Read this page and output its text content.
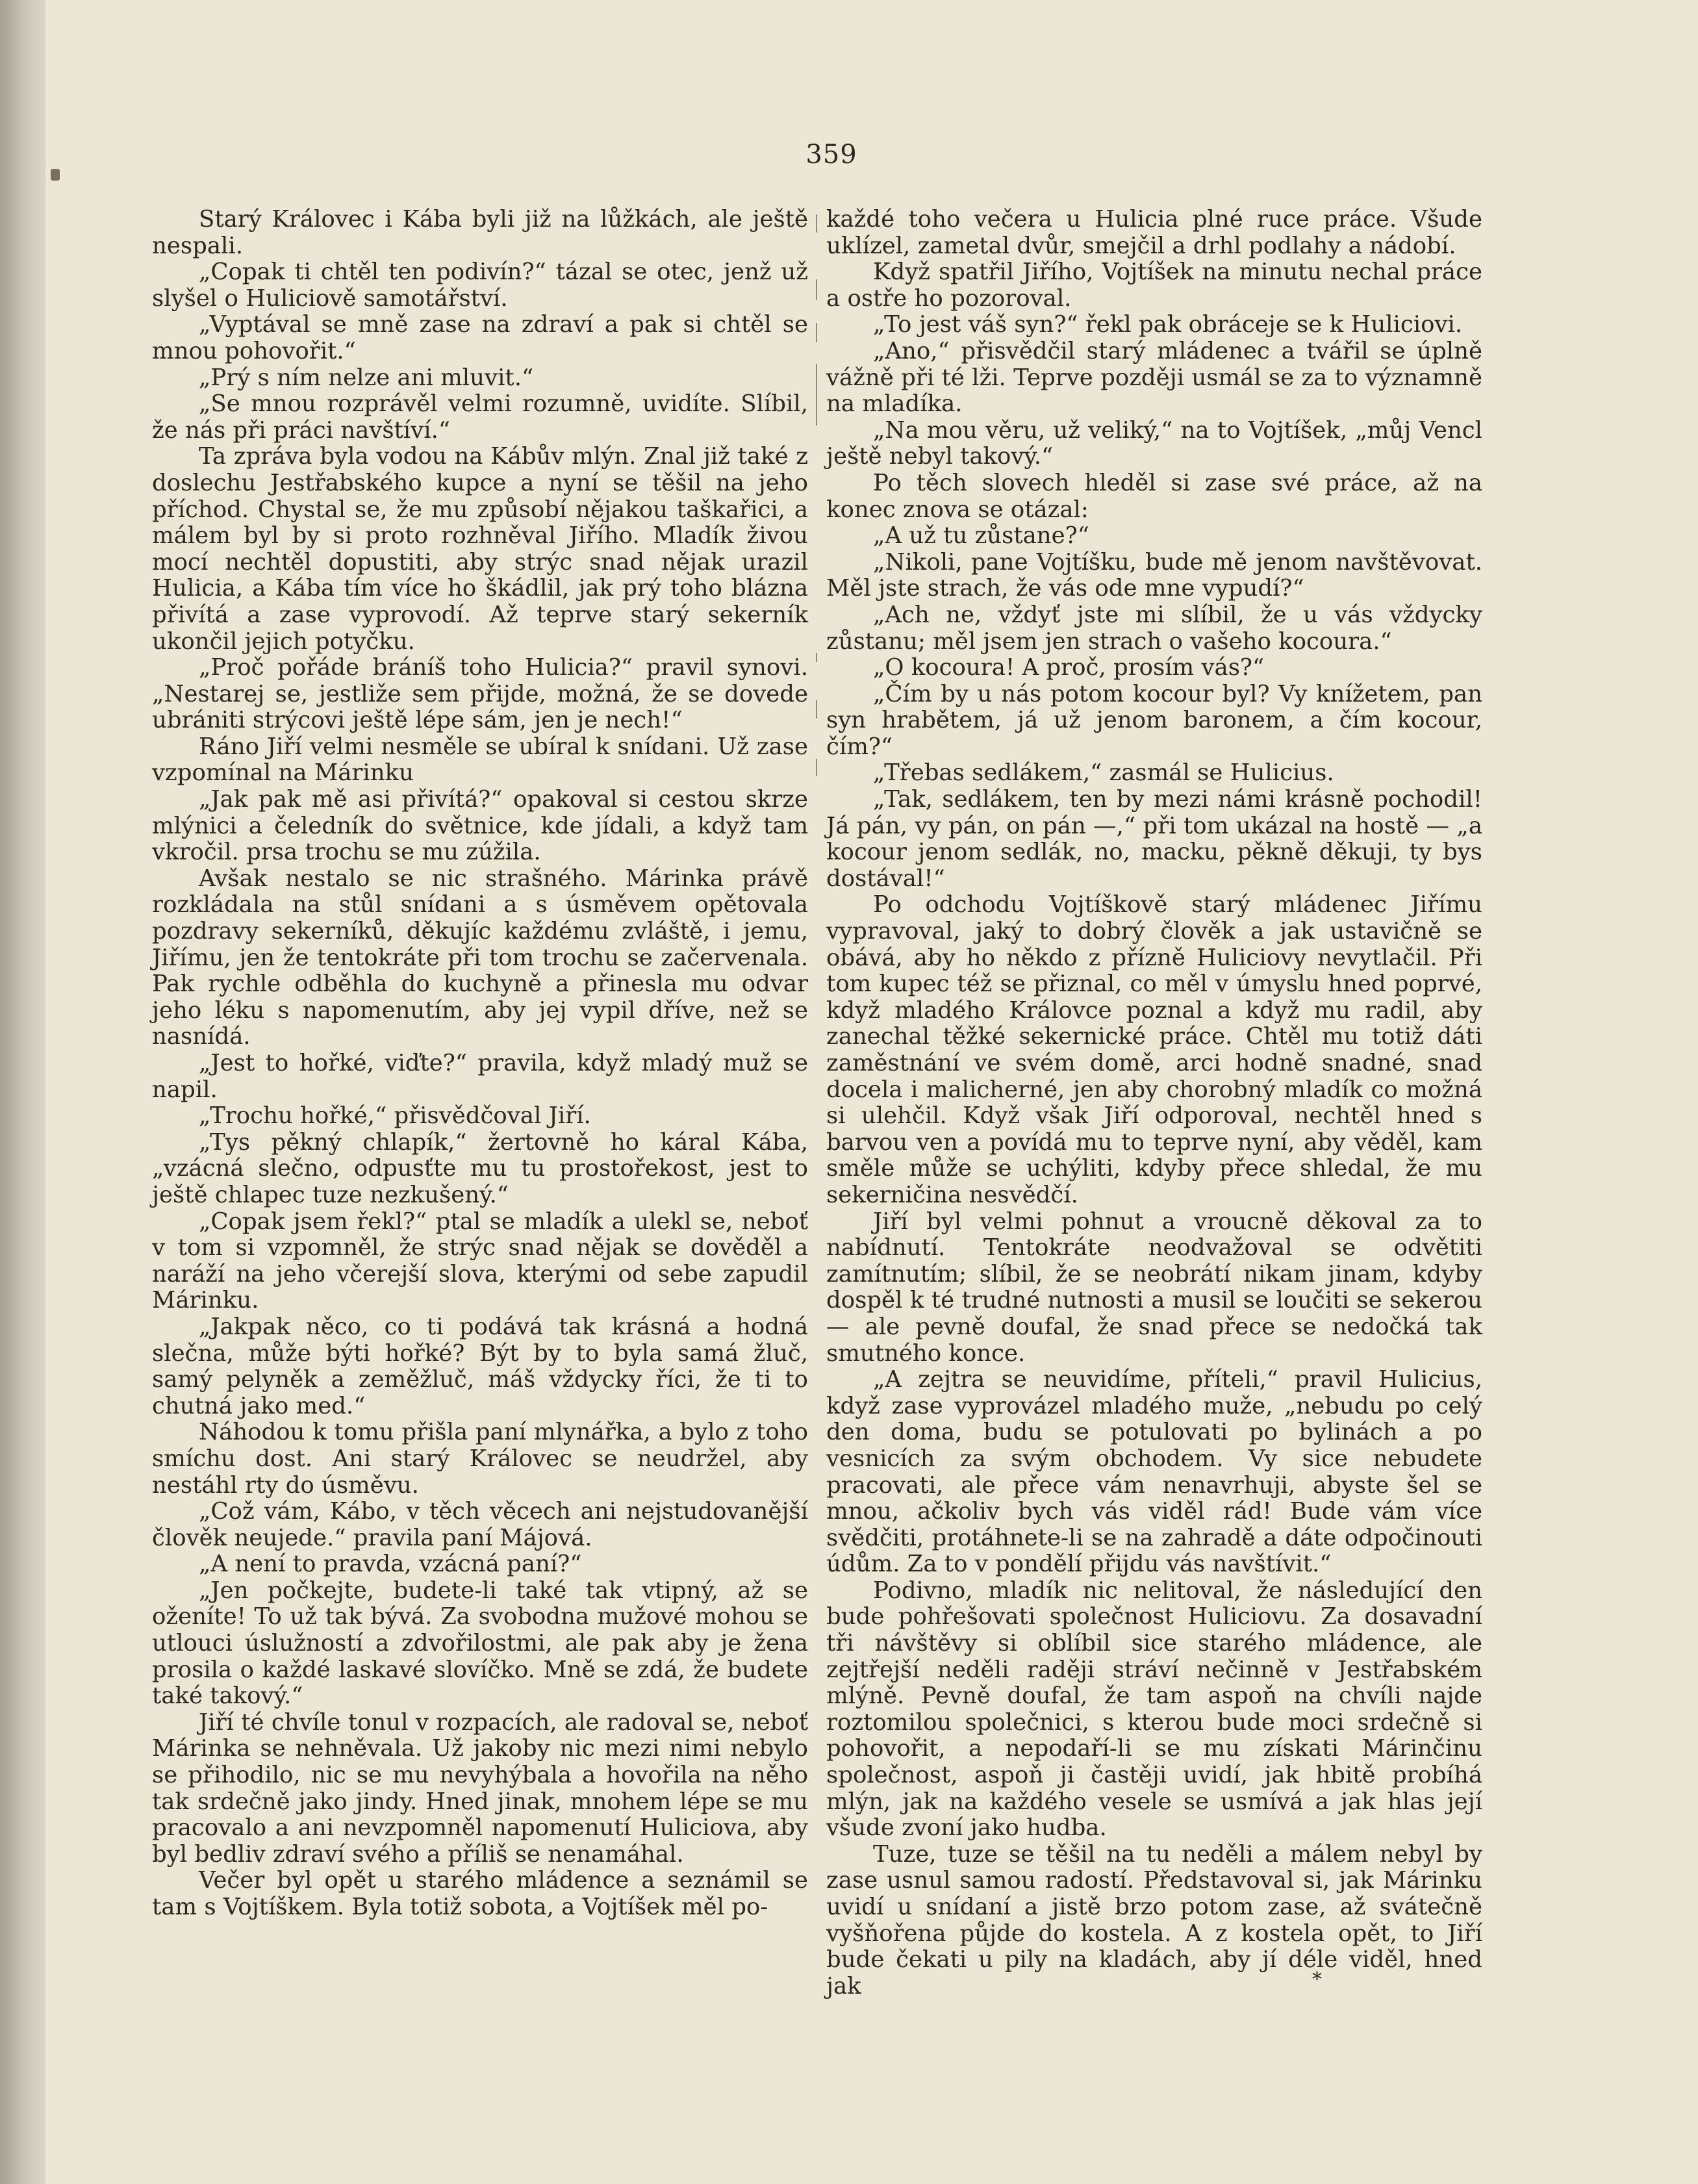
359

Starý Královec i Kába byli již na lůžkách, ale ještě nespali.

„Copak ti chtěl ten podivín?“ tázal se otec, jenž už slyšel o Huliciově samotářství.

„Vyptával se mně zase na zdraví a pak si chtěl se mnou pohovořit.“

„Prý s ním nelze ani mluvit.“

„Se mnou rozprávěl velmi rozumně, uvidíte. Slíbil, že nás při práci navštíví.“

Ta zpráva byla vodou na Kábův mlýn. Znal již také z doslechu Jestřabského kupce a nyní se těšil na jeho příchod. Chystal se, že mu způsobí nějakou taškařici, a málem byl by si proto rozhněval Jiřího. Mladík živou mocí nechtěl dopustiti, aby strýc snad nějak urazil Hulicia, a Kába tím více ho škádlil, jak prý toho blázna přivítá a zase vyprovodí. Až teprve starý sekerník ukončil jejich potyčku.

„Proč pořáde bráníš toho Hulicia?“ pravil synovi. „Nestarej se, jestliže sem přijde, možná, že se dovede ubrániti strýcovi ještě lépe sám, jen je nech!“

Ráno Jiří velmi nesměle se ubíral k snídani. Už zase vzpomínal na Márinku

„Jak pak mě asi přivítá?“ opakoval si cestou skrze mlýnici a čeledník do světnice, kde jídali, a když tam vkročil. prsa trochu se mu zúžila.

Avšak nestalo se nic strašného. Márinka právě rozkládala na stůl snídani a s úsměvem opětovala pozdravy sekerníků, děkujíc každému zvláště, i jemu, Jiřímu, jen že tentokráte při tom trochu se začervenala. Pak rychle odběhla do kuchyně a přinesla mu odvar jeho léku s napomenutím, aby jej vypil dříve, než se nasnídá.

„Jest to hořké, viďte?“ pravila, když mladý muž se napil.

„Trochu hořké,“ přisvědčoval Jiří.

„Tys pěkný chlapík,“ žertovně ho káral Kába, „vzácná slečno, odpusťte mu tu prostořekost, jest to ještě chlapec tuze nezkušený.“

„Copak jsem řekl?“ ptal se mladík a ulekl se, neboť v tom si vzpomněl, že strýc snad nějak se dověděl a naráží na jeho včerejší slova, kterými od sebe zapudil Márinku.

„Jakpak něco, co ti podává tak krásná a hodná slečna, může býti hořké? Být by to byla samá žluč, samý pelyněk a zeměžluč, máš vždycky říci, že ti to chutná jako med.“

Náhodou k tomu přišla paní mlynářka, a bylo z toho smíchu dost. Ani starý Královec se neudržel, aby nestáhl rty do úsměvu.

„Což vám, Kábo, v těch věcech ani nejstudovanější člověk neujede.“ pravila paní Májová.

„A není to pravda, vzácná paní?“

„Jen počkejte, budete-li také tak vtipný, až se oženíte! To už tak bývá. Za svobodna mužové mohou se utlouci úslužností a zdvořilostmi, ale pak aby je žena prosila o každé laskavé slovíčko. Mně se zdá, že budete také takový.“

Jiří té chvíle tonul v rozpacích, ale radoval se, neboť Márinka se nehněvala. Už jakoby nic mezi nimi nebylo se přihodilo, nic se mu nevyhýbala a hovořila na něho tak srdečně jako jindy. Hned jinak, mnohem lépe se mu pracovalo a ani nevzpomněl napomenutí Huliciova, aby byl bedliv zdraví svého a příliš se nenamáhal.

Večer byl opět u starého mládence a seznámil se tam s Vojtíškem. Byla totiž sobota, a Vojtíšek měl po-

každé toho večera u Hulicia plné ruce práce. Všude uklízel, zametal dvůr, smejčil a drhl podlahy a nádobí.

Když spatřil Jiřího, Vojtíšek na minutu nechal práce a ostře ho pozoroval.

„To jest váš syn?“ řekl pak obráceje se k Huliciovi.

„Ano,“ přisvědčil starý mládenec a tvářil se úplně vážně při té lži. Teprve později usmál se za to významně na mladíka.

„Na mou věru, už veliký,“ na to Vojtíšek, „můj Vencl ještě nebyl takový.“

Po těch slovech hleděl si zase své práce, až na konec znova se otázal:

„A už tu zůstane?“

„Nikoli, pane Vojtíšku, bude mě jenom navštěvovat. Měl jste strach, že vás ode mne vypudí?“

„Ach ne, vždyť jste mi slíbil, že u vás vždycky zůstanu; měl jsem jen strach o vašeho kocoura.“

„O kocoura! A proč, prosím vás?“

„Čím by u nás potom kocour byl? Vy knížetem, pan syn hrabětem, já už jenom baronem, a čím kocour, čím?“

„Třebas sedlákem,“ zasmál se Hulicius.

„Tak, sedlákem, ten by mezi námi krásně pochodil! Já pán, vy pán, on pán —,“ při tom ukázal na hostě — „a kocour jenom sedlák, no, macku, pěkně děkuji, ty bys dostával!“

Po odchodu Vojtíškově starý mládenec Jiřímu vypravoval, jaký to dobrý člověk a jak ustavičně se obává, aby ho někdo z přízně Huliciovy nevytlačil. Při tom kupec též se přiznal, co měl v úmyslu hned poprvé, když mladého Královce poznal a když mu radil, aby zanechal těžké sekernické práce. Chtěl mu totiž dáti zaměstnání ve svém domě, arci hodně snadné, snad docela i malicherné, jen aby chorobný mladík co možná si ulehčil. Když však Jiří odporoval, nechtěl hned s barvou ven a povídá mu to teprve nyní, aby věděl, kam směle může se uchýliti, kdyby přece shledal, že mu sekerničina nesvědčí.

Jiří byl velmi pohnut a vroucně děkoval za to nabídnutí. Tentokráte neodvažoval se odvětiti zamítnutím; slíbil, že se neobrátí nikam jinam, kdyby dospěl k té trudné nutnosti a musil se loučiti se sekerou — ale pevně doufal, že snad přece se nedočká tak smutného konce.

„A zejtra se neuvidíme, příteli,“ pravil Hulicius, když zase vyprovázel mladého muže, „nebudu po celý den doma, budu se potulovati po bylinách a po vesnicích za svým obchodem. Vy sice nebudete pracovati, ale přece vám nenavrhuji, abyste šel se mnou, ačkoliv bych vás viděl rád! Bude vám více svědčiti, protáhnete-li se na zahradě a dáte odpočinouti údům. Za to v pondělí přijdu vás navštívit.“

Podivno, mladík nic nelitoval, že následující den bude pohřešovati společnost Huliciovu. Za dosavadní tři návštěvy si oblíbil sice starého mládence, ale zejtřejší neděli raději stráví nečinně v Jestřabském mlýně. Pevně doufal, že tam aspoň na chvíli najde roztomilou společnici, s kterou bude moci srdečně si pohovořit, a nepodaří-li se mu získati Márinčinu společnost, aspoň ji častěji uvidí, jak hbitě probíhá mlýn, jak na každého vesele se usmívá a jak hlas její všude zvoní jako hudba.

Tuze, tuze se těšil na tu neděli a málem nebyl by zase usnul samou radostí. Představoval si, jak Márinku uvidí u snídaní a jistě brzo potom zase, až svátečně vyšňořena půjde do kostela. A z kostela opět, to Jiří bude čekati u pily na kladách, aby jí déle viděl, hned jak	*
